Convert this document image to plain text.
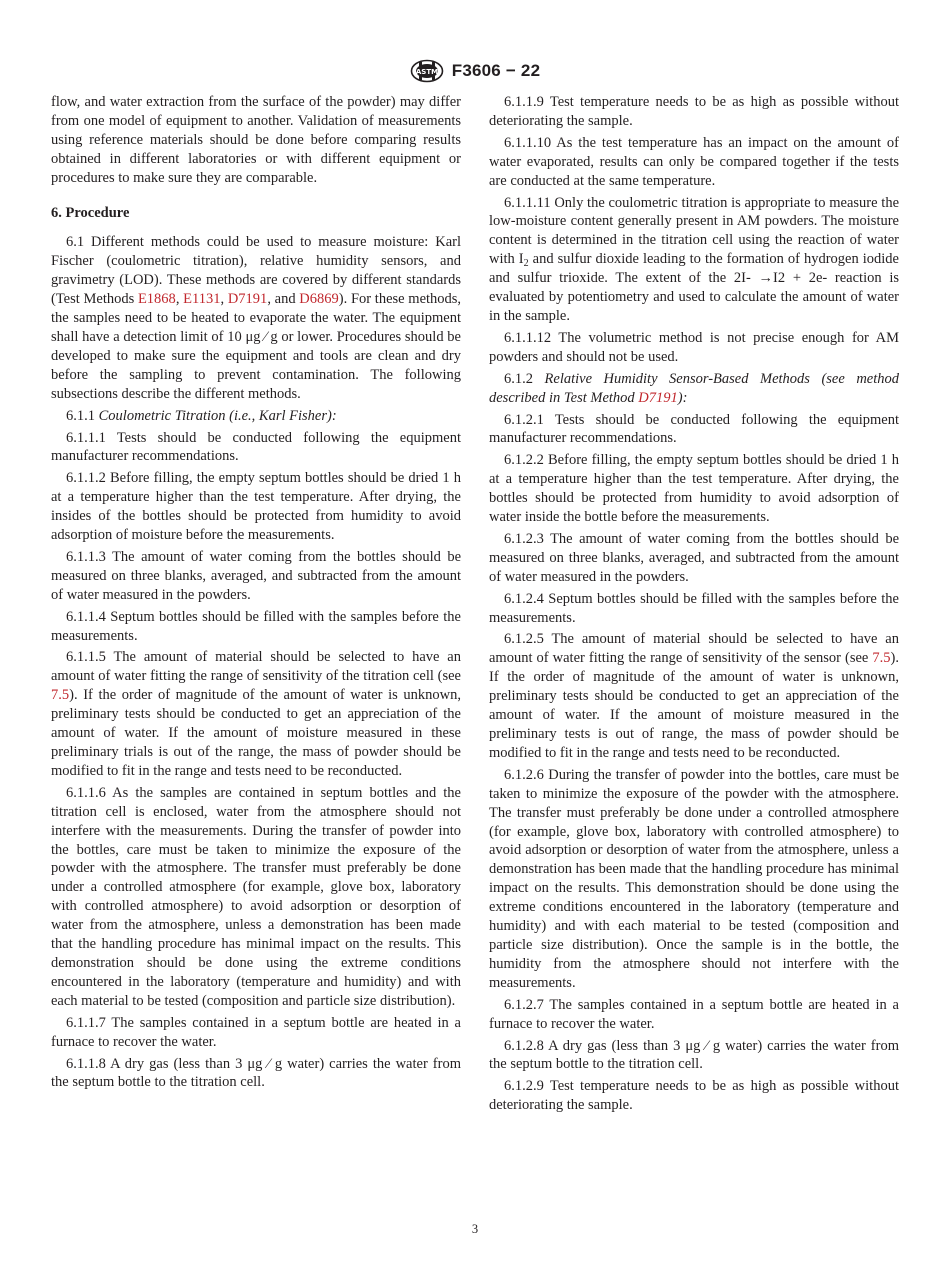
ASTM F3606 − 22

flow, and water extraction from the surface of the powder) may differ from one model of equipment to another. Validation of measurements using reference materials should be done before comparing results obtained in different laboratories or with different equipment or procedures to make sure they are comparable.

6. Procedure

6.1 Different methods could be used to measure moisture: Karl Fischer (coulometric titration), relative humidity sensors, and gravimetry (LOD). These methods are covered by different standards (Test Methods E1868, E1131, D7191, and D6869). For these methods, the samples need to be heated to evaporate the water. The equipment shall have a detection limit of 10 μg ⁄ g or lower. Procedures should be developed to make sure the equipment and tools are clean and dry before the sampling to prevent contamination. The following subsections describe the different methods.

6.1.1 Coulometric Titration (i.e., Karl Fisher):

6.1.1.1 Tests should be conducted following the equipment manufacturer recommendations.

6.1.1.2 Before filling, the empty septum bottles should be dried 1 h at a temperature higher than the test temperature. After drying, the insides of the bottles should be protected from humidity to avoid adsorption of moisture before the measurements.

6.1.1.3 The amount of water coming from the bottles should be measured on three blanks, averaged, and subtracted from the amount of water measured in the powders.

6.1.1.4 Septum bottles should be filled with the samples before the measurements.

6.1.1.5 The amount of material should be selected to have an amount of water fitting the range of sensitivity of the titration cell (see 7.5). If the order of magnitude of the amount of water is unknown, preliminary tests should be conducted to get an appreciation of the amount of water. If the amount of moisture measured in these preliminary trials is out of the range, the mass of powder should be modified to fit in the range and tests need to be reconducted.

6.1.1.6 As the samples are contained in septum bottles and the titration cell is enclosed, water from the atmosphere should not interfere with the measurements. During the transfer of powder into the bottles, care must be taken to minimize the exposure of the powder with the atmosphere. The transfer must preferably be done under a controlled atmosphere (for example, glove box, laboratory with controlled atmosphere) to avoid adsorption or desorption of water from the atmosphere, unless a demonstration has been made that the handling procedure has minimal impact on the results. This demonstration should be done using the extreme conditions encountered in the laboratory (temperature and humidity) and with each material to be tested (composition and particle size distribution).

6.1.1.7 The samples contained in a septum bottle are heated in a furnace to recover the water.

6.1.1.8 A dry gas (less than 3 μg ⁄ g water) carries the water from the septum bottle to the titration cell.

6.1.1.9 Test temperature needs to be as high as possible without deteriorating the sample.

6.1.1.10 As the test temperature has an impact on the amount of water evaporated, results can only be compared together if the tests are conducted at the same temperature.

6.1.1.11 Only the coulometric titration is appropriate to measure the low-moisture content generally present in AM powders. The moisture content is determined in the titration cell using the reaction of water with $I_2$ and sulfur dioxide leading to the formation of hydrogen iodide and sulfur trioxide. The extent of the 2I- →I2 + 2e- reaction is evaluated by potentiometry and used to calculate the amount of water in the sample.

6.1.1.12 The volumetric method is not precise enough for AM powders and should not be used.

6.1.2 Relative Humidity Sensor-Based Methods (see method described in Test Method D7191):

6.1.2.1 Tests should be conducted following the equipment manufacturer recommendations.

6.1.2.2 Before filling, the empty septum bottles should be dried 1 h at a temperature higher than the test temperature. After drying, the bottles should be protected from humidity to avoid adsorption of water inside the bottle before the measurements.

6.1.2.3 The amount of water coming from the bottles should be measured on three blanks, averaged, and subtracted from the amount of water measured in the powders.

6.1.2.4 Septum bottles should be filled with the samples before the measurements.

6.1.2.5 The amount of material should be selected to have an amount of water fitting the range of sensitivity of the sensor (see 7.5). If the order of magnitude of the amount of water is unknown, preliminary tests should be conducted to get an appreciation of the amount of water. If the amount of moisture measured in the preliminary tests is out of range, the mass of powder should be modified to fit in the range and tests need to be reconducted.

6.1.2.6 During the transfer of powder into the bottles, care must be taken to minimize the exposure of the powder with the atmosphere. The transfer must preferably be done under a controlled atmosphere (for example, glove box, laboratory with controlled atmosphere) to avoid adsorption or desorption of water from the atmosphere, unless a demonstration has been made that the handling procedure has minimal impact on the results. This demonstration should be done using the extreme conditions encountered in the laboratory (temperature and humidity) and with each material to be tested (composition and particle size distribution). Once the sample is in the bottle, the humidity from the atmosphere should not interfere with the measurements.

6.1.2.7 The samples contained in a septum bottle are heated in a furnace to recover the water.

6.1.2.8 A dry gas (less than 3 μg ⁄ g water) carries the water from the septum bottle to the titration cell.

6.1.2.9 Test temperature needs to be as high as possible without deteriorating the sample.

3
